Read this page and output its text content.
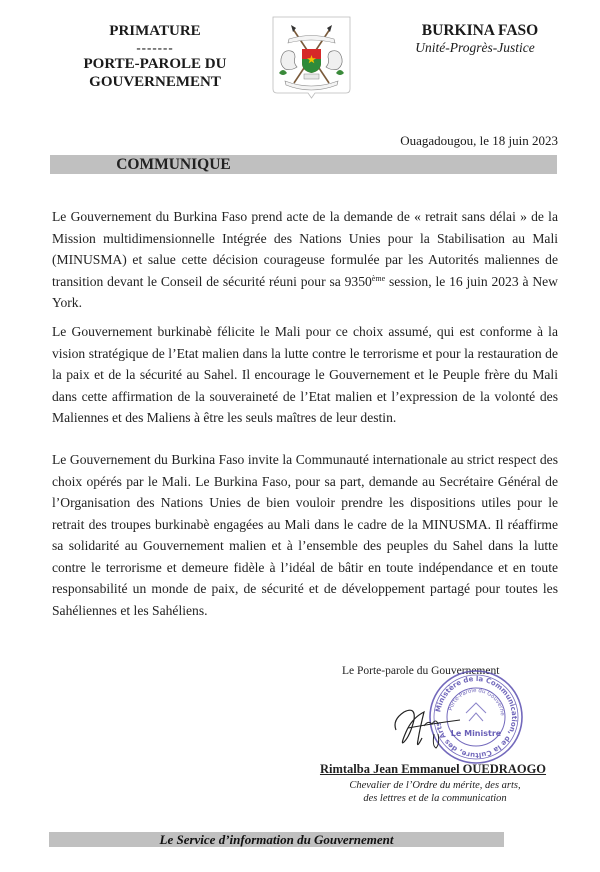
PRIMATURE
-------
PORTE-PAROLE DU
GOUVERNEMENT
BURKINA FASO
Unité-Progrès-Justice
Ouagadougou, le 18 juin 2023
COMMUNIQUE

Le Gouvernement du Burkina Faso prend acte de la demande de « retrait sans délai » de la Mission multidimensionnelle Intégrée des Nations Unies pour la Stabilisation au Mali (MINUSMA) et salue cette décision courageuse formulée par les Autorités maliennes de transition devant le Conseil de sécurité réuni pour sa 9350ème session, le 16 juin 2023 à New York.

Le Gouvernement burkinabè félicite le Mali pour ce choix assumé, qui est conforme à la vision stratégique de l’Etat malien dans la lutte contre le terrorisme et pour la restauration de la paix et de la sécurité au Sahel. Il encourage le Gouvernement et le Peuple frère du Mali dans cette affirmation de la souveraineté de l’Etat malien et l’expression de la volonté des Maliennes et des Maliens à être les seuls maîtres de leur destin.

Le Gouvernement du Burkina Faso invite la Communauté internationale au strict respect des choix opérés par le Mali. Le Burkina Faso, pour sa part, demande au Secrétaire Général de l’Organisation des Nations Unies de bien vouloir prendre les dispositions utiles pour le retrait des troupes burkinabè engagées au Mali dans le cadre de la MINUSMA. Il réaffirme sa solidarité au Gouvernement malien et à l’ensemble des peuples du Sahel dans la lutte contre le terrorisme et demeure fidèle à l’idéal de bâtir en toute indépendance et en toute responsabilité un monde de paix, de sécurité et de développement partagé pour toutes les Sahéliennes et les Sahéliens.

Le Porte-parole du Gouvernement
Ministère de la Communication, de la Culture, des Arts
Porte-Parole du Gouverne
Le Ministre
Rimtalba Jean Emmanuel OUEDRAOGO
Chevalier de l’Ordre du mérite, des arts,
des lettres et de la communication
Le Service d’information du Gouvernement
